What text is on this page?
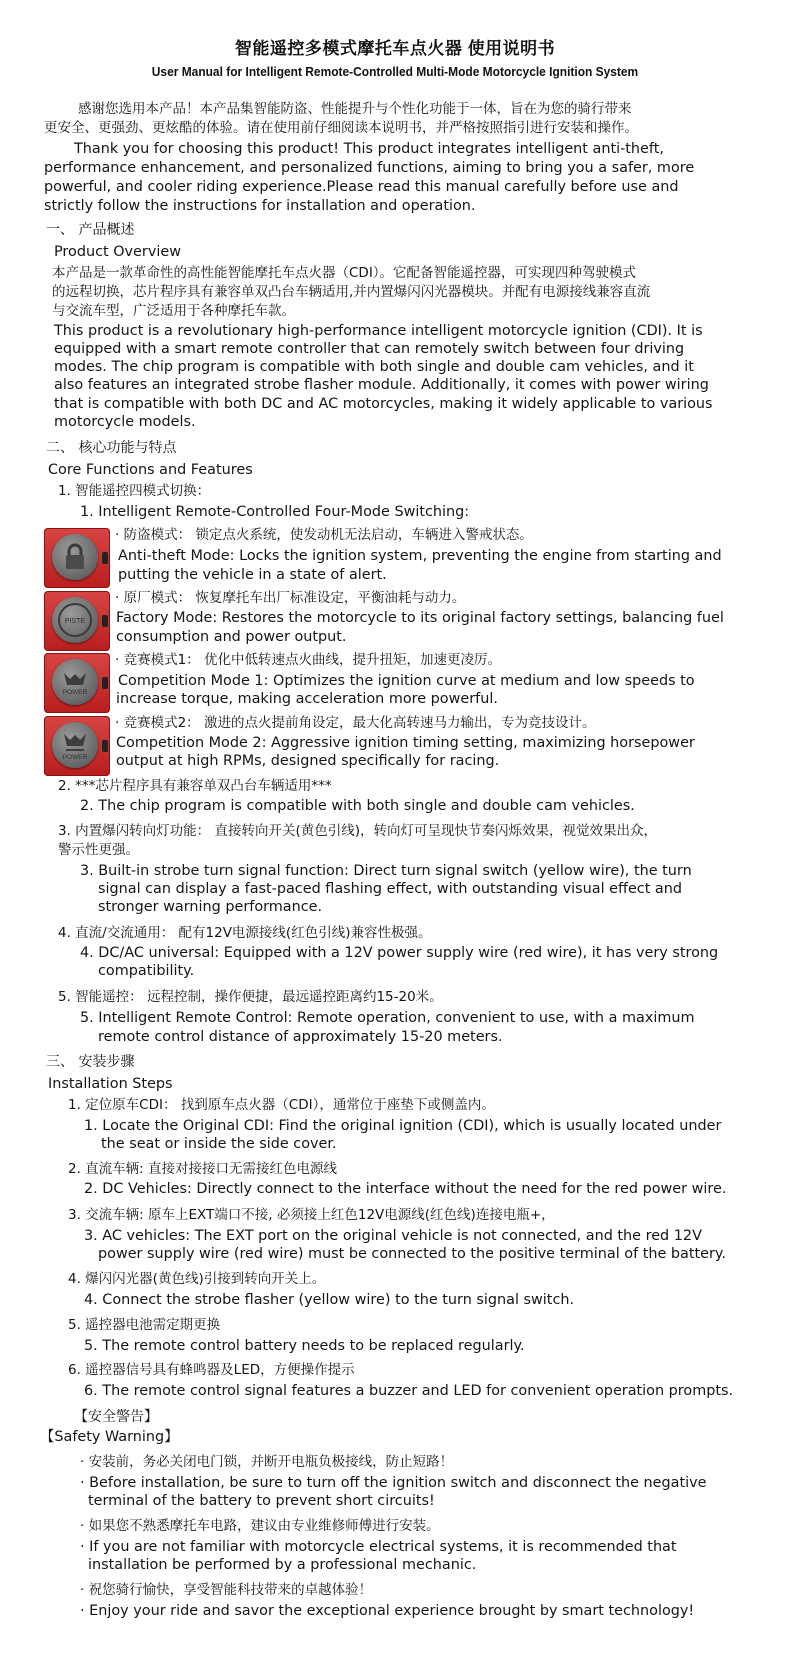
智能遥控多模式摩托车点火器 使用说明书
User Manual for Intelligent Remote-Controlled Multi-Mode Motorcycle Ignition System
感谢您选用本产品！本产品集智能防盗、性能提升与个性化功能于一体，旨在为您的骑行带来
更安全、更强劲、更炫酷的体验。请在使用前仔细阅读本说明书，并严格按照指引进行安装和操作。
Thank you for choosing this product! This product integrates intelligent anti-theft,
performance enhancement, and personalized functions, aiming to bring you a safer, more
powerful, and cooler riding experience.Please read this manual carefully before use and
strictly follow the instructions for installation and operation.
一、 产品概述
Product Overview
本产品是一款革命性的高性能智能摩托车点火器（CDI）。它配备智能遥控器，可实现四种驾驶模式
的远程切换，芯片程序具有兼容单双凸台车辆适用,并内置爆闪闪光器模块。并配有电源接线兼容直流
与交流车型，广泛适用于各种摩托车款。
This product is a revolutionary high-performance intelligent motorcycle ignition (CDI). It is
equipped with a smart remote controller that can remotely switch between four driving
modes. The chip program is compatible with both single and double cam vehicles, and it
also features an integrated strobe flasher module. Additionally, it comes with power wiring
that is compatible with both DC and AC motorcycles, making it widely applicable to various
motorcycle models.
二、 核心功能与特点
Core Functions and Features
1. 智能遥控四模式切换：
1. Intelligent Remote-Controlled Four-Mode Switching:
· 防盗模式： 锁定点火系统，使发动机无法启动，车辆进入警戒状态。
Anti-theft Mode: Locks the ignition system, preventing the engine from starting and
putting the vehicle in a state of alert.
PISTE
· 原厂模式： 恢复摩托车出厂标准设定，平衡油耗与动力。
Factory Mode: Restores the motorcycle to its original factory settings, balancing fuel
consumption and power output.
POWER
· 竞赛模式1： 优化中低转速点火曲线，提升扭矩，加速更凌厉。
Competition Mode 1: Optimizes the ignition curve at medium and low speeds to
increase torque, making acceleration more powerful.
POWER
· 竞赛模式2： 激进的点火提前角设定，最大化高转速马力输出，专为竞技设计。
Competition Mode 2: Aggressive ignition timing setting, maximizing horsepower
output at high RPMs, designed specifically for racing.
2. ***芯片程序具有兼容单双凸台车辆适用***
2. The chip program is compatible with both single and double cam vehicles.
3. 内置爆闪转向灯功能： 直接转向开关(黄色引线)，转向灯可呈现快节奏闪烁效果，视觉效果出众，
警示性更强。
3. Built-in strobe turn signal function: Direct turn signal switch (yellow wire), the turn
signal can display a fast-paced flashing effect, with outstanding visual effect and
stronger warning performance.
4. 直流/交流通用： 配有12V电源接线(红色引线)兼容性极强。
4. DC/AC universal: Equipped with a 12V power supply wire (red wire), it has very strong
compatibility.
5. 智能遥控： 远程控制，操作便捷，最远遥控距离约15-20米。
5. Intelligent Remote Control: Remote operation, convenient to use, with a maximum
remote control distance of approximately 15-20 meters.
三、 安装步骤
Installation Steps
1. 定位原车CDI： 找到原车点火器（CDI），通常位于座垫下或侧盖内。
1. Locate the Original CDI: Find the original ignition (CDI), which is usually located under
the seat or inside the side cover.
2. 直流车辆: 直接对接接口无需接红色电源线
2. DC Vehicles: Directly connect to the interface without the need for the red power wire.
3. 交流车辆: 原车上EXT端口不接, 必须接上红色12V电源线(红色线)连接电瓶+，
3. AC vehicles: The EXT port on the original vehicle is not connected, and the red 12V
power supply wire (red wire) must be connected to the positive terminal of the battery.
4. 爆闪闪光器(黄色线)引接到转向开关上。
4. Connect the strobe flasher (yellow wire) to the turn signal switch.
5. 遥控器电池需定期更换
5. The remote control battery needs to be replaced regularly.
6. 遥控器信号具有蜂鸣器及LED，方便操作提示
6. The remote control signal features a buzzer and LED for convenient operation prompts.
【安全警告】
【Safety Warning】
· 安装前，务必关闭电门锁，并断开电瓶负极接线，防止短路！
· Before installation, be sure to turn off the ignition switch and disconnect the negative
terminal of the battery to prevent short circuits!
· 如果您不熟悉摩托车电路，建议由专业维修师傅进行安装。
· If you are not familiar with motorcycle electrical systems, it is recommended that
installation be performed by a professional mechanic.
· 祝您骑行愉快，享受智能科技带来的卓越体验！
· Enjoy your ride and savor the exceptional experience brought by smart technology!
